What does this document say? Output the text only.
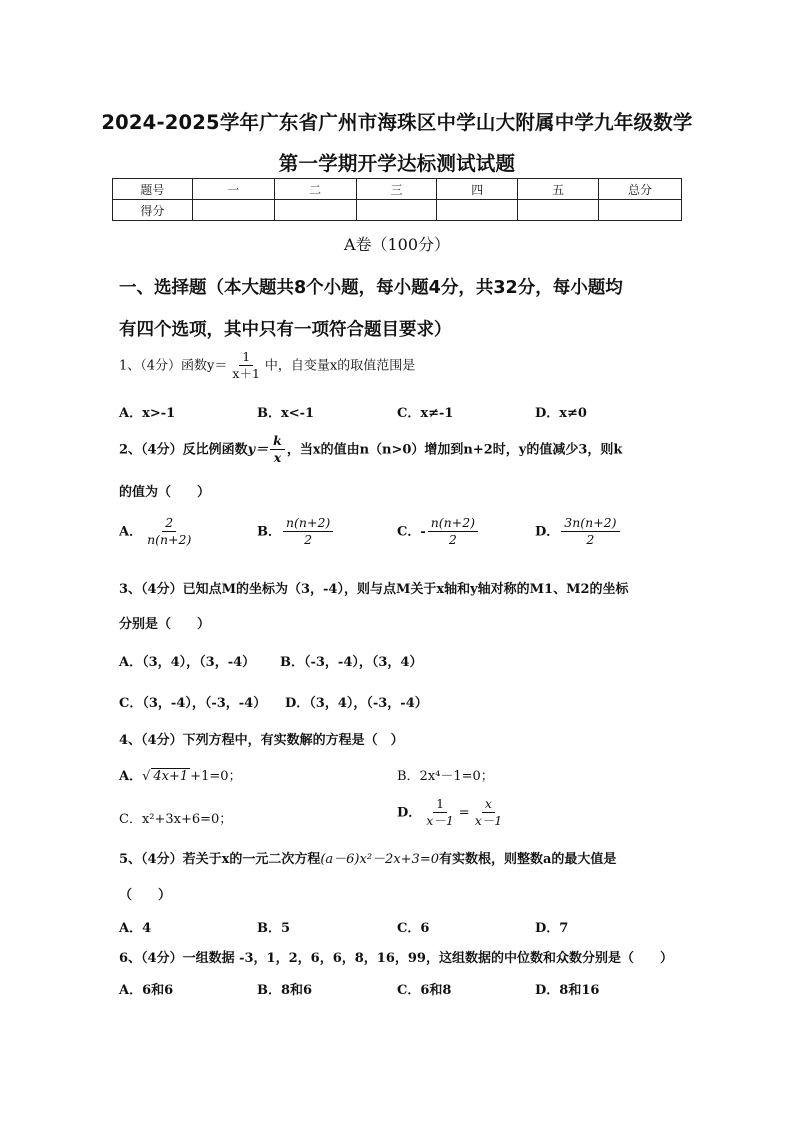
2024-2025学年广东省广州市海珠区中学山大附属中学九年级数学
第一学期开学达标测试试题
题号	一	二	三	四	五	总分
得分						
A卷（100分）
一、选择题（本大题共8个小题，每小题4分，共32分，每小题均
有四个选项，其中只有一项符合题目要求）
1、（4分）函数$y= \frac{1}{x+1}$ 中，自变量x的取值范围是
A．x>-1	B．x<-1	C．x≠-1	D．x≠0
2、（4分）反比例函数$y= \frac{k}{x}$ ，当x的值由n（n>0）增加到n+2时，y的值减少3，则k
的值为（　　）
A． $\frac{2}{n(n+2)}$	B． $\frac{n(n+2)}{2}$	C．- $\frac{n(n+2)}{2}$	D． $\frac{3n(n+2)}{2}$
3、（4分）已知点M的坐标为（3，-4），则与点M关于x轴和y轴对称的M1、M2的坐标
分别是（　　）
A．（3，4），（3，-4） B．（-3，-4），（3，4）
C．（3，-4），（-3，-4） D．（3，4），（-3，-4）
4、（4分）下列方程中，有实数解的方程是（　）
A．√ 4x+1 +1=0；	B．2x⁴－1=0；
C．x²+3x+6=0；	D． $\frac{1}{x-1} = \frac{x}{x-1}$
5、（4分）若关于x的一元二次方程(a－6)x²－2x+3=0有实数根，则整数a的最大值是
（　　）
A．4	B．5	C．6	D．7
6、（4分）一组数据 -3，1，2，6，6，8，16，99，这组数据的中位数和众数分别是（　　）
A．6和6	B．8和6	C．6和8	D．8和16
